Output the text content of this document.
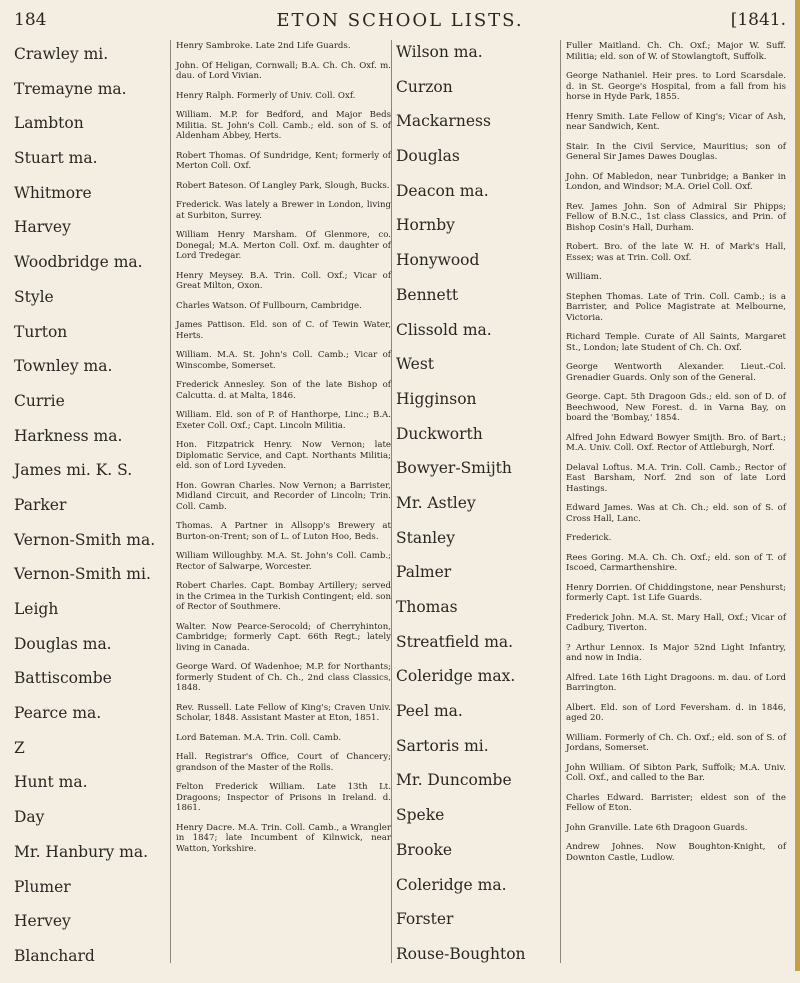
184	ETON SCHOOL LISTS.	[1841.
Crawley mi.
Tremayne ma.
Lambton
Stuart ma.
Whitmore
Harvey
Woodbridge ma.
Style
Turton
Townley ma.
Currie
Harkness ma.
James mi. K. S.
Parker
Vernon-Smith ma.
Vernon-Smith mi.
Leigh
Douglas ma.
Battiscombe
Pearce ma.
Z
Hunt ma.
Day
Mr. Hanbury ma.
Plumer
Hervey
Blanchard
Henry Sambroke. Late 2nd Life Guards.
John. Of Heligan, Cornwall; B.A. Ch. Ch. Oxf. m. dau. of Lord Vivian.
Henry Ralph. Formerly of Univ. Coll. Oxf.
William. M.P. for Bedford, and Major Beds Militia. St. John's Coll. Camb.; eld. son of S. of Aldenham Abbey, Herts.
Robert Thomas. Of Sundridge, Kent; formerly of Merton Coll. Oxf.
Robert Bateson. Of Langley Park, Slough, Bucks.
Frederick. Was lately a Brewer in London, living at Surbiton, Surrey.
William Henry Marsham. Of Glenmore, co. Donegal; M.A. Merton Coll. Oxf. m. daughter of Lord Tredegar.
Henry Meysey. B.A. Trin. Coll. Oxf.; Vicar of Great Milton, Oxon.
Charles Watson. Of Fullbourn, Cambridge.
James Pattison. Eld. son of C. of Tewin Water, Herts.
William. M.A. St. John's Coll. Camb.; Vicar of Winscombe, Somerset.
Frederick Annesley. Son of the late Bishop of Calcutta. d. at Malta, 1846.
William. Eld. son of P. of Hanthorpe, Linc.; B.A. Exeter Coll. Oxf.; Capt. Lincoln Militia.
Hon. Fitzpatrick Henry. Now Vernon; late Diplomatic Service, and Capt. Northants Militia; eld. son of Lord Lyveden.
Hon. Gowran Charles. Now Vernon; a Barrister, Midland Circuit, and Recorder of Lincoln; Trin. Coll. Camb.
Thomas. A Partner in Allsopp's Brewery at Burton-on-Trent; son of L. of Luton Hoo, Beds.
William Willoughby. M.A. St. John's Coll. Camb.; Rector of Salwarpe, Worcester.
Robert Charles. Capt. Bombay Artillery; served in the Crimea in the Turkish Contingent; eld. son of Rector of Southmere.
Walter. Now Pearce-Serocold; of Cherryhinton, Cambridge; formerly Capt. 66th Regt.; lately living in Canada.
George Ward. Of Wadenhoe; M.P. for Northants; formerly Student of Ch. Ch., 2nd class Classics, 1848.
Rev. Russell. Late Fellow of King's; Craven Univ. Scholar, 1848. Assistant Master at Eton, 1851.
Lord Bateman. M.A. Trin. Coll. Camb.
Hall. Registrar's Office, Court of Chancery; grandson of the Master of the Rolls.
Felton Frederick William. Late 13th Lt. Dragoons; Inspector of Prisons in Ireland. d. 1861.
Henry Dacre. M.A. Trin. Coll. Camb., a Wrangler in 1847; late Incumbent of Kilnwick, near Watton, Yorkshire.
Wilson ma.
Curzon
Mackarness
Douglas
Deacon ma.
Hornby
Honywood
Bennett
Clissold ma.
West
Higginson
Duckworth
Bowyer-Smijth
Mr. Astley
Stanley
Palmer
Thomas
Streatfield ma.
Coleridge max.
Peel ma.
Sartoris mi.
Mr. Duncombe
Speke
Brooke
Coleridge ma.
Forster
Rouse-Boughton
Fuller Maitland. Ch. Ch. Oxf.; Major W. Suff. Militia; eld. son of W. of Stowlangtoft, Suffolk.
George Nathaniel. Heir pres. to Lord Scarsdale. d. in St. George's Hospital, from a fall from his horse in Hyde Park, 1855.
Henry Smith. Late Fellow of King's; Vicar of Ash, near Sandwich, Kent.
Stair. In the Civil Service, Mauritius; son of General Sir James Dawes Douglas.
John. Of Mabledon, near Tunbridge; a Banker in London, and Windsor; M.A. Oriel Coll. Oxf.
Rev. James John. Son of Admiral Sir Phipps; Fellow of B.N.C., 1st class Classics, and Prin. of Bishop Cosin's Hall, Durham.
Robert. Bro. of the late W. H. of Mark's Hall, Essex; was at Trin. Coll. Oxf.
William.
Stephen Thomas. Late of Trin. Coll. Camb.; is a Barrister, and Police Magistrate at Melbourne, Victoria.
Richard Temple. Curate of All Saints, Margaret St., London; late Student of Ch. Ch. Oxf.
George Wentworth Alexander. Lieut.-Col. Grenadier Guards. Only son of the General.
George. Capt. 5th Dragoon Gds.; eld. son of D. of Beechwood, New Forest. d. in Varna Bay, on board the 'Bombay,' 1854.
Alfred John Edward Bowyer Smijth. Bro. of Bart.; M.A. Univ. Coll. Oxf. Rector of Attleburgh, Norf.
Delaval Loftus. M.A. Trin. Coll. Camb.; Rector of East Barsham, Norf. 2nd son of late Lord Hastings.
Edward James. Was at Ch. Ch.; eld. son of S. of Cross Hall, Lanc.
Frederick.
Rees Goring. M.A. Ch. Ch. Oxf.; eld. son of T. of Iscoed, Carmarthenshire.
Henry Dorrien. Of Chiddingstone, near Penshurst; formerly Capt. 1st Life Guards.
Frederick John. M.A. St. Mary Hall, Oxf.; Vicar of Cadbury, Tiverton.
? Arthur Lennox. Is Major 52nd Light Infantry, and now in India.
Alfred. Late 16th Light Dragoons. m. dau. of Lord Barrington.
Albert. Eld. son of Lord Feversham. d. in 1846, aged 20.
William. Formerly of Ch. Ch. Oxf.; eld. son of S. of Jordans, Somerset.
John William. Of Sibton Park, Suffolk; M.A. Univ. Coll. Oxf., and called to the Bar.
Charles Edward. Barrister; eldest son of the Fellow of Eton.
John Granville. Late 6th Dragoon Guards.
Andrew Johnes. Now Boughton-Knight, of Downton Castle, Ludlow.
